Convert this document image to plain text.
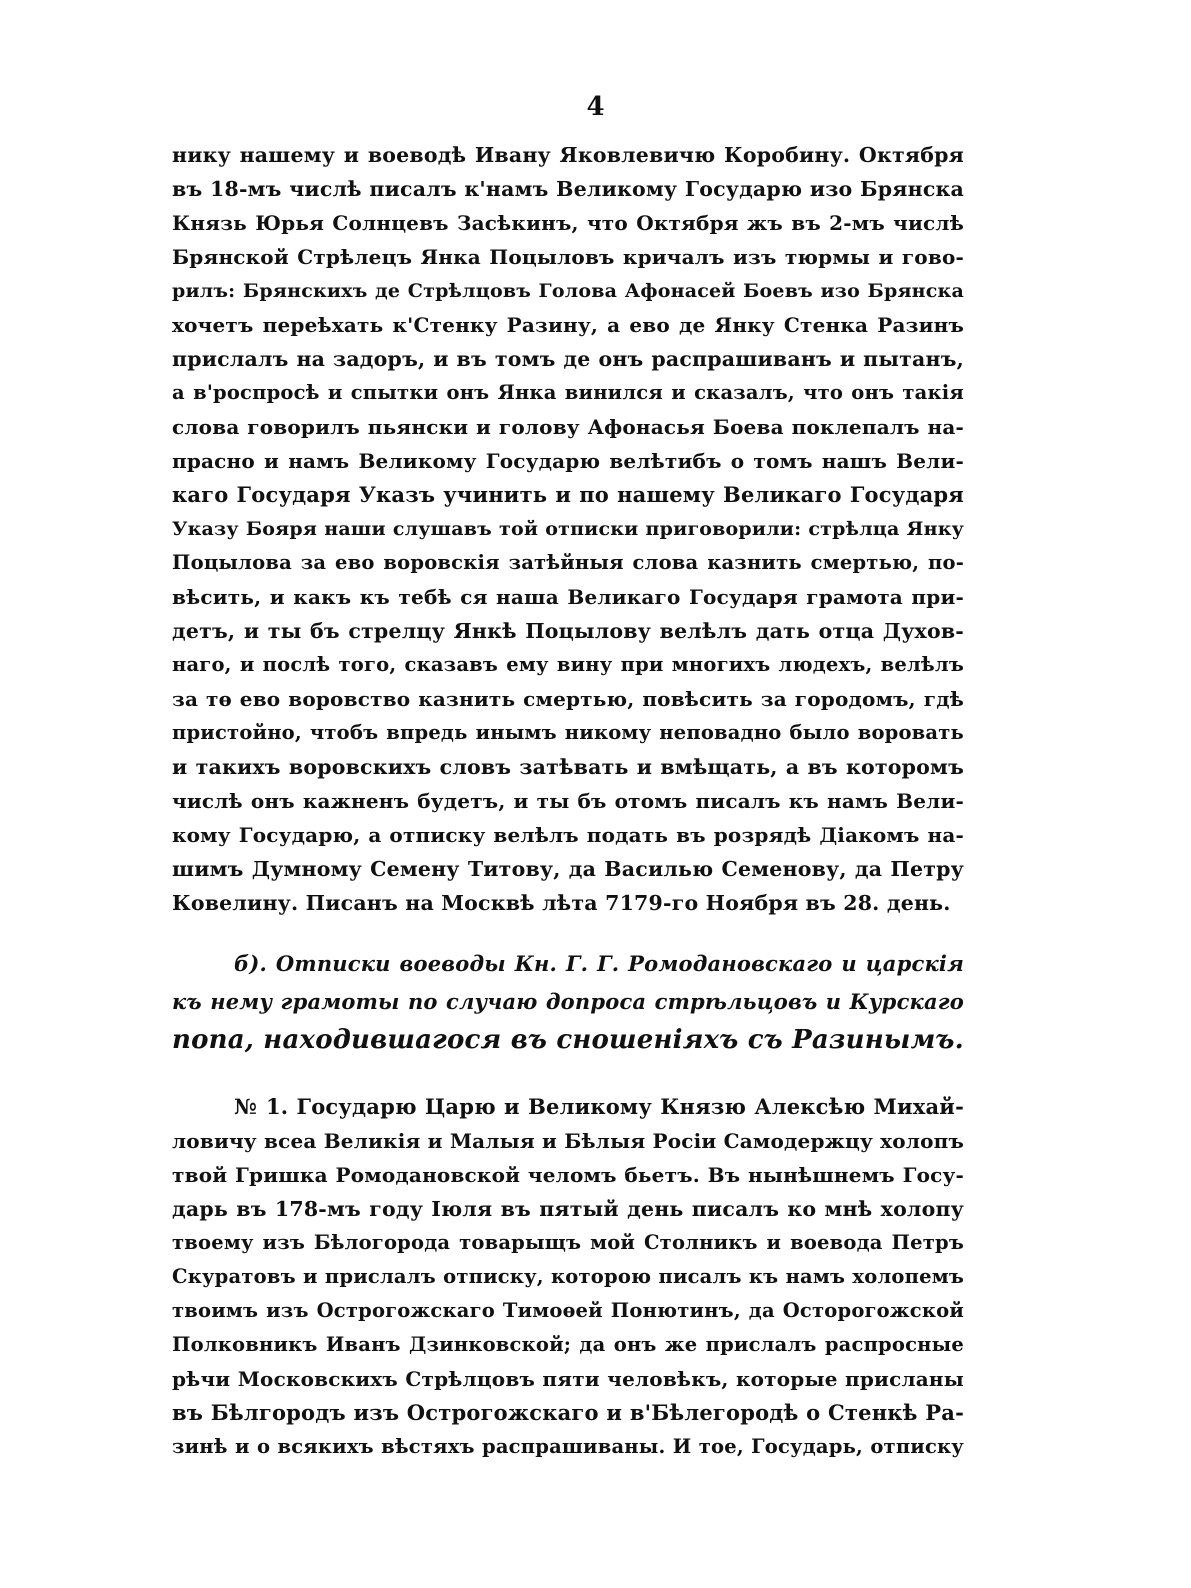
4
нику нашему и воеводѣ Ивану Яковлевичю Коробину. Октября
въ 18-мъ числѣ писалъ к'намъ Великому Государю изо Брянска
Князь Юрья Солнцевъ Засѣкинъ, что Октября жъ въ 2-мъ числѣ
Брянской Стрѣлецъ Янка Поцыловъ кричалъ изъ тюрмы и гово-
рилъ: Брянскихъ де Стрѣлцовъ Голова Афонасей Боевъ изо Брянска
хочетъ переѣхать к'Стенку Разину, а ево де Янку Стенка Разинъ
прислалъ на задоръ, и въ томъ де онъ распрашиванъ и пытанъ,
а в'роспросѣ и спытки онъ Янка винился и сказалъ, что онъ такія
слова говорилъ пьянски и голову Афонасья Боева поклепалъ на-
прасно и намъ Великому Государю велѣтибъ о томъ нашъ Вели-
каго Государя Указъ учинить и по нашему Великаго Государя
Указу Бояря наши слушавъ той отписки приговорили: стрѣлца Янку
Поцылова за ево воровскія затѣйныя слова казнить смертью, по-
вѣсить, и какъ къ тебѣ ся наша Великаго Государя грамота при-
детъ, и ты бъ стрелцу Янкѣ Поцылову велѣлъ дать отца Духов-
наго, и послѣ того, сказавъ ему вину при многихъ людехъ, велѣлъ
за тѳ ево воровство казнить смертью, повѣсить за городомъ, гдѣ
пристойно, чтобъ впредь инымъ никому неповадно было воровать
и такихъ воровскихъ словъ затѣвать и вмѣщать, а въ которомъ
числѣ онъ кажненъ будетъ, и ты бъ отомъ писалъ къ намъ Вели-
кому Государю, а отписку велѣлъ подать въ розрядѣ Діакомъ на-
шимъ Думному Семену Титову, да Василью Семенову, да Петру
Ковелину. Писанъ на Москвѣ лѣта 7179-го Ноября въ 28. день.
б). Отписки воеводы Кн. Г. Г. Ромодановскаго и царскія
къ нему грамоты по случаю допроса стрѣльцовъ и Курскаго
попа, находившагося въ сношеніяхъ съ Разинымъ.
№ 1. Государю Царю и Великому Князю Алексѣю Михай-
ловичу всеа Великія и Малыя и Бѣлыя Росіи Самодержцу холопъ
твой Гришка Ромодановской челомъ бьетъ. Въ нынѣшнемъ Госу-
дарь въ 178-мъ году Іюля въ пятый день писалъ ко мнѣ холопу
твоему изъ Бѣлогорода товарыщъ мой Столникъ и воевода Петръ
Скуратовъ и прислалъ отписку, которою писалъ къ намъ холопемъ
твоимъ изъ Острогожскаго Тимоѳей Понютинъ, да Осторогожской
Полковникъ Иванъ Дзинковской; да онъ же прислалъ распросные
рѣчи Московскихъ Стрѣлцовъ пяти человѣкъ, которые присланы
въ Бѣлгородъ изъ Острогожскаго и в'Бѣлегородѣ о Стенкѣ Ра-
зинѣ и о всякихъ вѣстяхъ распрашиваны. И тое, Государь, отписку
